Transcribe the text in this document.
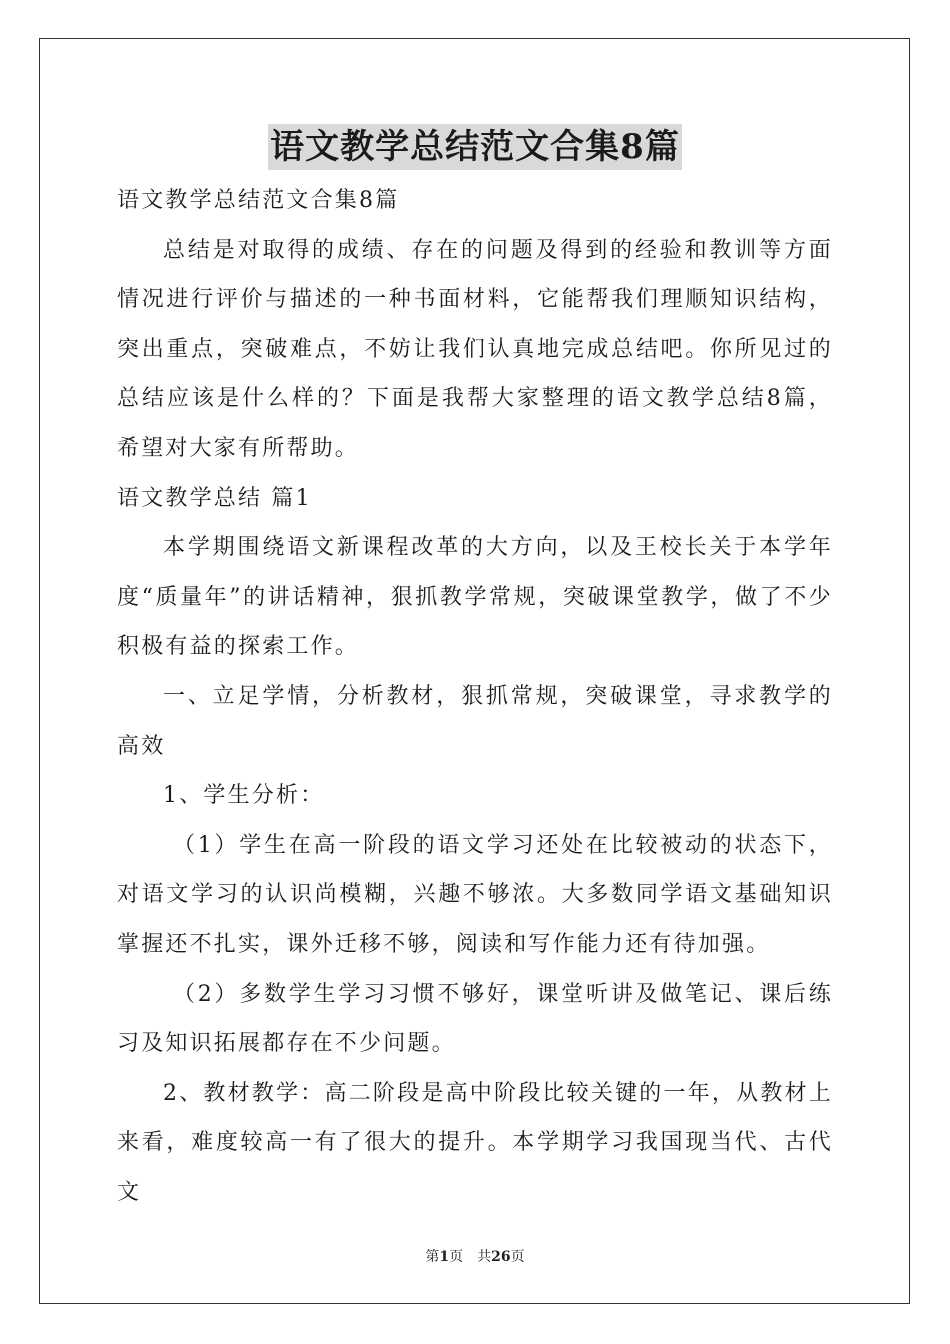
语文教学总结范文合集8篇

语文教学总结范文合集8篇

总结是对取得的成绩、存在的问题及得到的经验和教训等方面情况进行评价与描述的一种书面材料，它能帮我们理顺知识结构，突出重点，突破难点，不妨让我们认真地完成总结吧。你所见过的总结应该是什么样的？下面是我帮大家整理的语文教学总结8篇，希望对大家有所帮助。

语文教学总结 篇1

本学期围绕语文新课程改革的大方向，以及王校长关于本学年度“质量年”的讲话精神，狠抓教学常规，突破课堂教学，做了不少积极有益的探索工作。

一、立足学情，分析教材，狠抓常规，突破课堂，寻求教学的高效

1、学生分析：

（1）学生在高一阶段的语文学习还处在比较被动的状态下，对语文学习的认识尚模糊，兴趣不够浓。大多数同学语文基础知识掌握还不扎实，课外迁移不够，阅读和写作能力还有待加强。

（2）多数学生学习习惯不够好，课堂听讲及做笔记、课后练习及知识拓展都存在不少问题。

2、教材教学：高二阶段是高中阶段比较关键的一年，从教材上来看，难度较高一有了很大的提升。本学期学习我国现当代、古代文

第1页　共26页
